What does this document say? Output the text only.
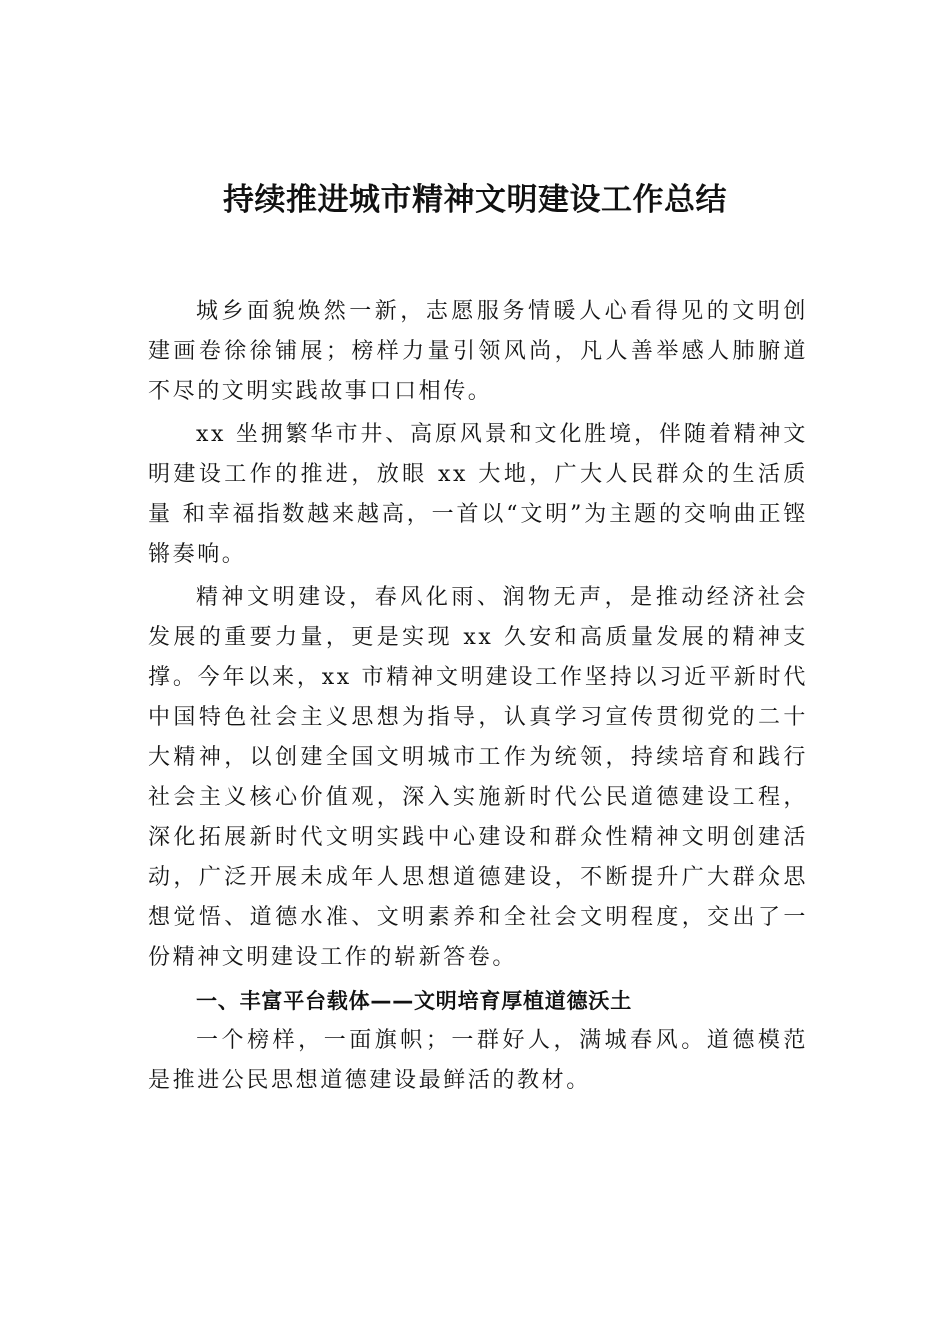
持续推进城市精神文明建设工作总结

城乡面貌焕然一新，志愿服务情暖人心看得见的文明创建画卷徐徐铺展；榜样力量引领风尚，凡人善举感人肺腑道不尽的文明实践故事口口相传。

xx 坐拥繁华市井、高原风景和文化胜境，伴随着精神文 明建设工作的推进，放眼 xx 大地，广大人民群众的生活质量 和幸福指数越来越高，一首以“文明”为主题的交响曲正铿 锵奏响。

精神文明建设，春风化雨、润物无声，是推动经济社会发展的重要力量，更是实现 xx 久安和高质量发展的精神支撑。今年以来，xx 市精神文明建设工作坚持以习近平新时代中国特色社会主义思想为指导，认真学习宣传贯彻党的二十大精神，以创建全国文明城市工作为统领，持续培育和践行社会主义核心价值观，深入实施新时代公民道德建设工程，深化拓展新时代文明实践中心建设和群众性精神文明创建活动，广泛开展未成年人思想道德建设，不断提升广大群众思想觉悟、道德水准、文明素养和全社会文明程度，交出了一份精神文明建设工作的崭新答卷。

一、丰富平台载体——文明培育厚植道德沃土

一个榜样，一面旗帜；一群好人，满城春风。道德模范是推进公民思想道德建设最鲜活的教材。
